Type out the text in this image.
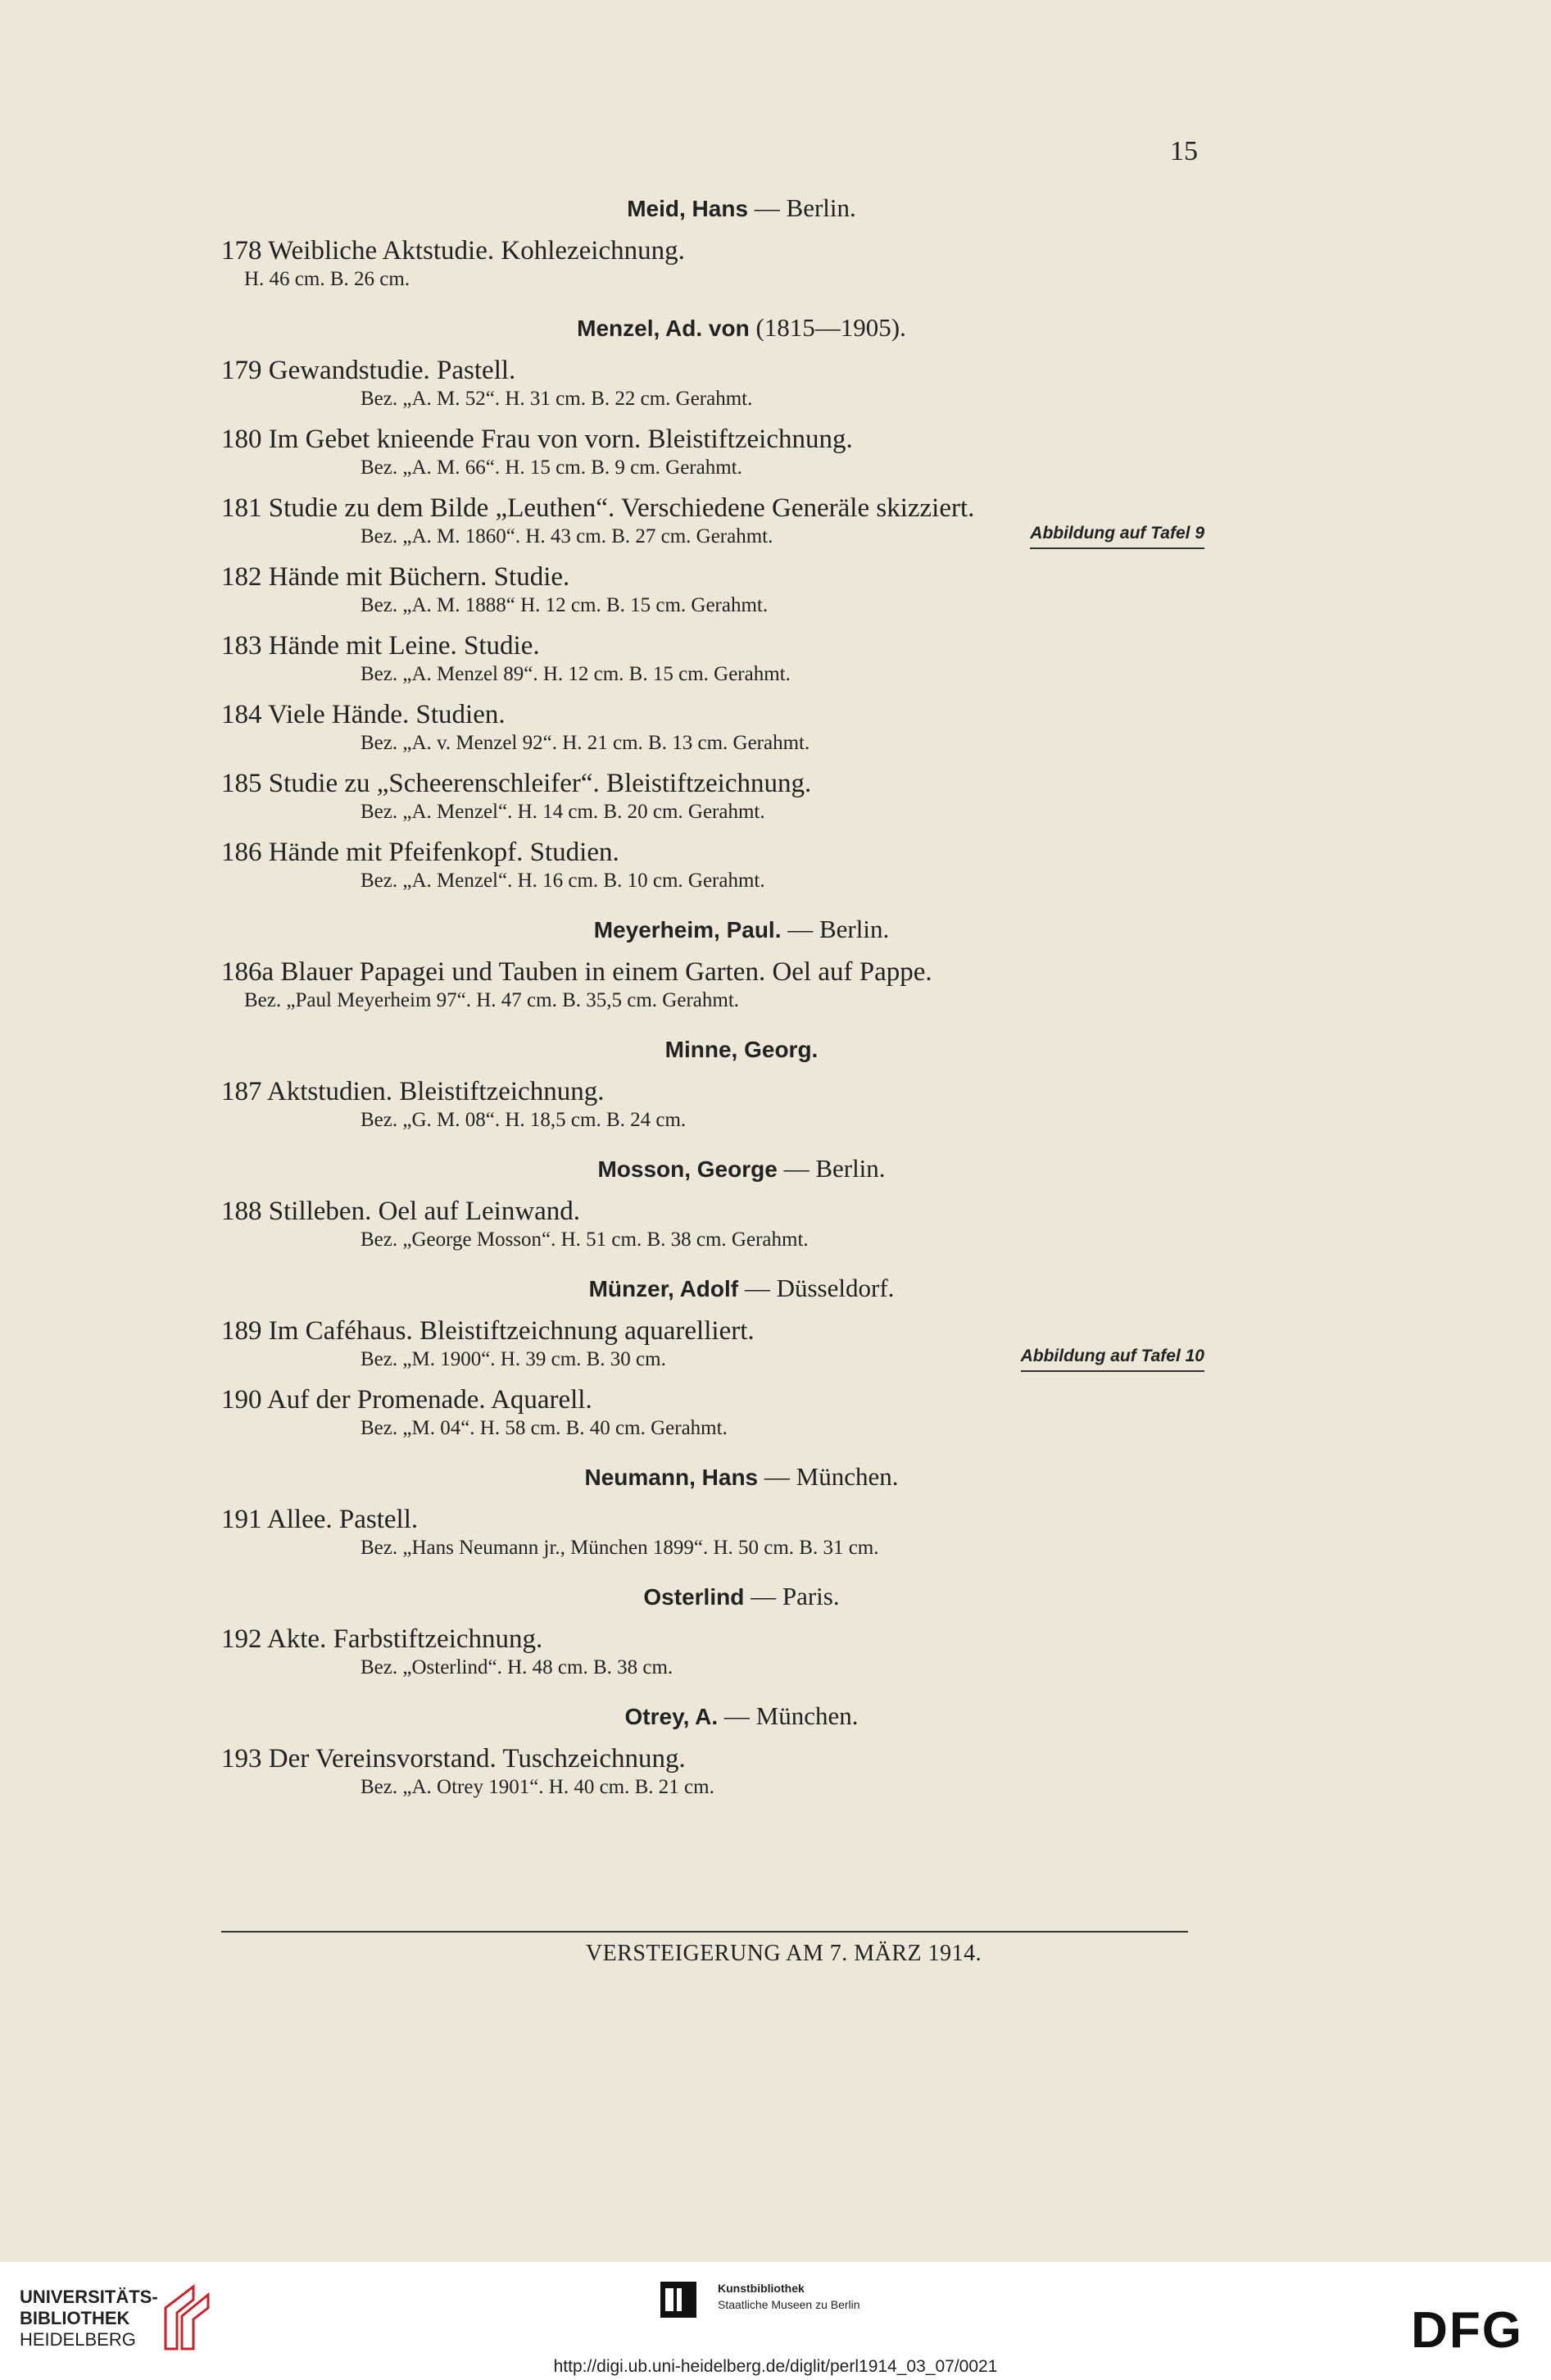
15
Meid, Hans — Berlin.
178 Weibliche Aktstudie. Kohlezeichnung.
H. 46 cm. B. 26 cm.
Menzel, Ad. von (1815—1905).
179 Gewandstudie. Pastell.
Bez. „A. M. 52“. H. 31 cm. B. 22 cm. Gerahmt.
180 Im Gebet knieende Frau von vorn. Bleistiftzeichnung.
Bez. „A. M. 66“. H. 15 cm. B. 9 cm. Gerahmt.
181 Studie zu dem Bilde „Leuthen“. Verschiedene Generäle skizziert.
Bez. „A. M. 1860“. H. 43 cm. B. 27 cm. Gerahmt.	Abbildung auf Tafel 9
182 Hände mit Büchern. Studie.
Bez. „A. M. 1888“ H. 12 cm. B. 15 cm. Gerahmt.
183 Hände mit Leine. Studie.
Bez. „A. Menzel 89“. H. 12 cm. B. 15 cm. Gerahmt.
184 Viele Hände. Studien.
Bez. „A. v. Menzel 92“. H. 21 cm. B. 13 cm. Gerahmt.
185 Studie zu „Scheerenschleifer“. Bleistiftzeichnung.
Bez. „A. Menzel“. H. 14 cm. B. 20 cm. Gerahmt.
186 Hände mit Pfeifenkopf. Studien.
Bez. „A. Menzel“. H. 16 cm. B. 10 cm. Gerahmt.
Meyerheim, Paul. — Berlin.
186a Blauer Papagei und Tauben in einem Garten. Oel auf Pappe.
Bez. „Paul Meyerheim 97“. H. 47 cm. B. 35,5 cm. Gerahmt.
Minne, Georg.
187 Aktstudien. Bleistiftzeichnung.
Bez. „G. M. 08“. H. 18,5 cm. B. 24 cm.
Mosson, George — Berlin.
188 Stilleben. Oel auf Leinwand.
Bez. „George Mosson“. H. 51 cm. B. 38 cm. Gerahmt.
Münzer, Adolf — Düsseldorf.
189 Im Caféhaus. Bleistiftzeichnung aquarelliert.
Bez. „M. 1900“. H. 39 cm. B. 30 cm.	Abbildung auf Tafel 10
190 Auf der Promenade. Aquarell.
Bez. „M. 04“. H. 58 cm. B. 40 cm. Gerahmt.
Neumann, Hans — München.
191 Allee. Pastell.
Bez. „Hans Neumann jr., München 1899“. H. 50 cm. B. 31 cm.
Osterlind — Paris.
192 Akte. Farbstiftzeichnung.
Bez. „Osterlind“. H. 48 cm. B. 38 cm.
Otrey, A. — München.
193 Der Vereinsvorstand. Tuschzeichnung.
Bez. „A. Otrey 1901“. H. 40 cm. B. 21 cm.
VERSTEIGERUNG AM 7. MÄRZ 1914.
UNIVERSITÄTS-
BIBLIOTHEK
HEIDELBERG
Kunstbibliothek
Staatliche Museen zu Berlin	DFG
http://digi.ub.uni-heidelberg.de/diglit/perl1914_03_07/0021
